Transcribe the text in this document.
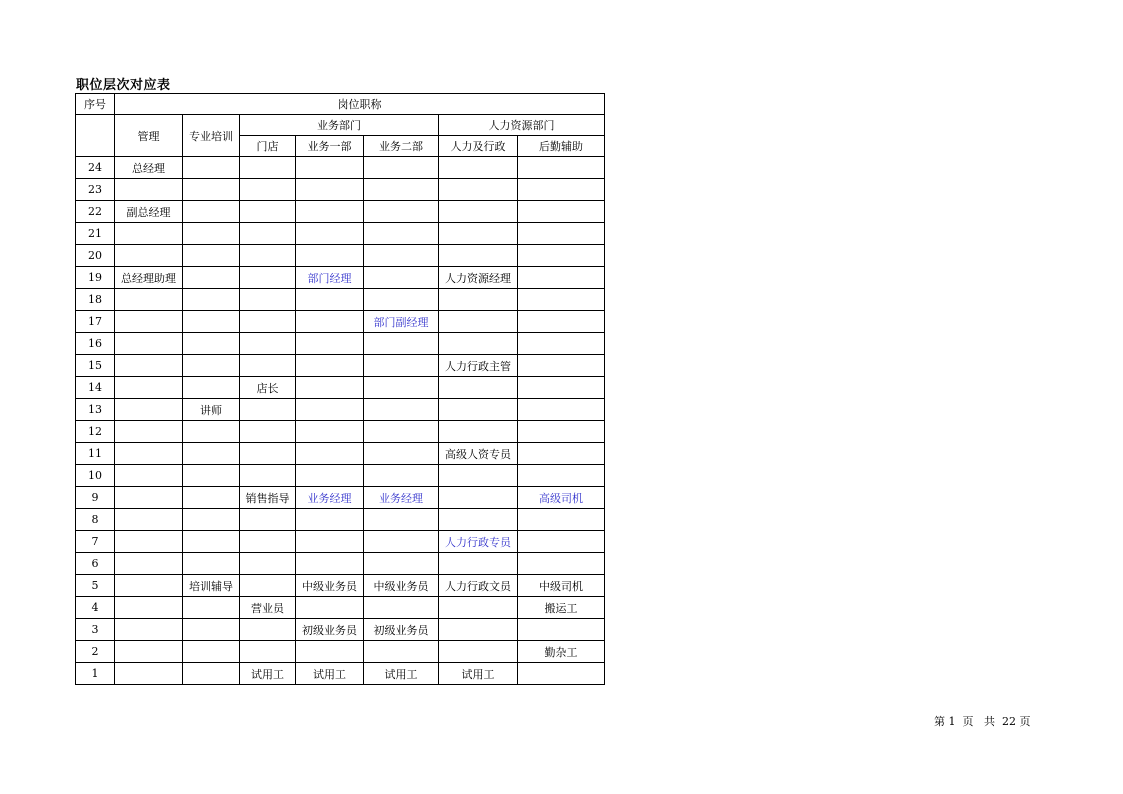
职位层次对应表
序号	岗位职称						
	管理	专业培训	业务部门			人力资源部门	
			门店	业务一部	业务二部	人力及行政	后勤辅助
24	总经理						
23							
22	副总经理						
21							
20							
19	总经理助理			部门经理		人力资源经理	
18							
17					部门副经理		
16							
15						人力行政主管	
14			店长				
13		讲师					
12							
11						高级人资专员	
10							
9			销售指导	业务经理	业务经理		高级司机
8							
7						人力行政专员	
6							
5		培训辅导		中级业务员	中级业务员	人力行政文员	中级司机
4			营业员				搬运工
3				初级业务员	初级业务员		
2							勤杂工
1			试用工	试用工	试用工	试用工	
第 1  页   共  22 页
